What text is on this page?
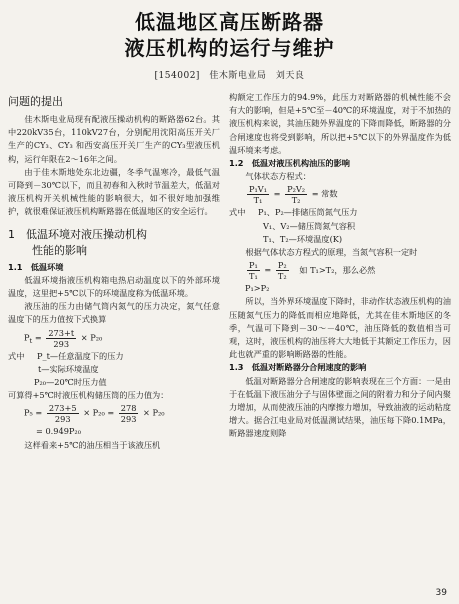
低温地区高压断路器
液压机构的运行与维护
[154002]　佳木斯电业局　刘天良
问题的提出

佳木斯电业局现有配液压操动机构的断路器62台。其中220kV35台，110kV27台，分别配用沈阳高压开关厂生产的CY₃、CY₃ 和西安高压开关厂生产的CY₃型液压机构，运行年限在2～16年之间。

由于佳木斯地处东北边疆，冬季气温寒冷，最低气温可降到－30℃以下，而且初春和入秋时节温差大，低温对液压机构开关机械性能的影响很大，如不很好地加强维护，就很难保证液压机构断路器在低温地区的安全运行。

1　低温环境对液压操动机构
性能的影响
1.1　低温环境

低温环境指液压机构箱电热启动温度以下的外部环境温度，这里把+5℃以下的环境温度称为低温环境。

液压油的压力由储气筒内氮气的压力决定，氮气任意温度下的压力值按下式换算

$P_t = \frac{273+t}{293} \times P_{20}$

式中 P_t—任意温度下的压力

t—实际环境温度

P₂₀—20℃时压力值

可算得+5℃时液压机构储压筒的压力值为：

$P_5 = \frac{273+5}{293} \times P_{20} = \frac{278}{293} \times P_{20}$

= 0.949P₂₀

这样看来+5℃的油压相当于该液压机

构额定工作压力的94.9%，此压力对断路器的机械性能不会有大的影响，但是+5℃至－40℃的环境温度，对于不加热的液压机构来说，其油压随外界温度的下降而降低，断路器的分合闸速度也将受到影响，所以把+5℃以下的外界温度作为低温环境来考虑。

1.2　低温对液压机构油压的影响

气体状态方程式：

$\frac{\text{P₁V₁}}{\text{T₁}} = \frac{\text{P₂V₂}}{\text{T₂}}$ = 常数

式中 P₁、P₂—排储压筒氮气压力

V₁、V₂—储压筒氮气容积

T₁、T₂—环境温度(K)

根据气体状态方程式的原理，当氮气容积一定时

$\frac{\text{P₁}}{\text{T₁}} = \frac{\text{P₂}}{\text{T₂}}$ 如 T₁>T₂，那么必然

P₁>P₂

所以，当外界环境温度下降时，非动作状态液压机构的油压随氮气压力的降低而相应地降低，尤其在佳木斯地区的冬季，气温可下降到－30～－40℃，油压降低的数值相当可观，这时，液压机构的油压将大大地低于其额定工作压力，因此也就严重的影响断路器的性能。

1.3　低温对断路器分合闸速度的影响

低温对断路器分合闸速度的影响表现在三个方面：一是由于在低温下液压油分子与固体壁面之间的附着力和分子间内聚力增加，从而使液压油的内摩擦力增加，导致油液的运动粘度增大。据合江电业局对低温测试结果，油压每下降0.1MPa，断路器速度则降

39
